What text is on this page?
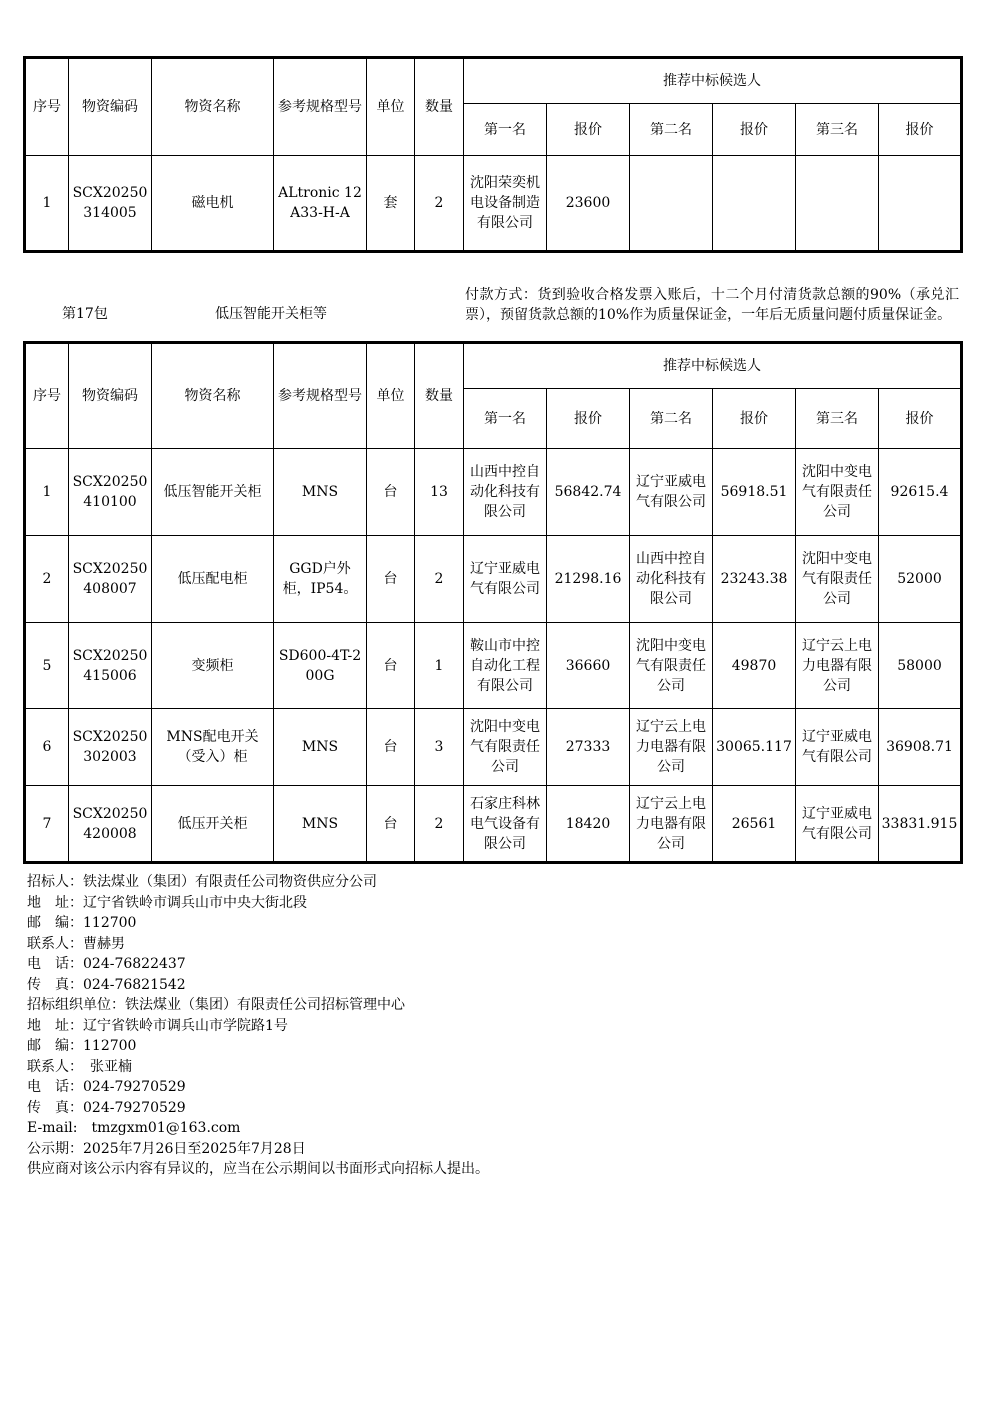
序号	物资编码	物资名称	参考规格型号	单位	数量	推荐中标候选人					
						第一名	报价	第二名	报价	第三名	报价
1	SCX20250314005	磁电机	ALtronic 12A33-H-A	套	2	沈阳荣奕机电设备制造有限公司	23600				
第17包	低压智能开关柜等
付款方式：货到验收合格发票入账后，十二个月付清货款总额的90%（承兑汇票），预留货款总额的10%作为质量保证金，一年后无质量问题付质量保证金。
序号	物资编码	物资名称	参考规格型号	单位	数量	推荐中标候选人					
						第一名	报价	第二名	报价	第三名	报价
1	SCX20250410100	低压智能开关柜	MNS	台	13	山西中控自动化科技有限公司	56842.74	辽宁亚威电气有限公司	56918.51	沈阳中变电气有限责任公司	92615.4
2	SCX20250408007	低压配电柜	GGD户外柜，IP54。	台	2	辽宁亚威电气有限公司	21298.16	山西中控自动化科技有限公司	23243.38	沈阳中变电气有限责任公司	52000
5	SCX20250415006	变频柜	SD600-4T-200G	台	1	鞍山市中控自动化工程有限公司	36660	沈阳中变电气有限责任公司	49870	辽宁云上电力电器有限公司	58000
6	SCX20250302003	MNS配电开关（受入）柜	MNS	台	3	沈阳中变电气有限责任公司	27333	辽宁云上电力电器有限公司	30065.117	辽宁亚威电气有限公司	36908.71
7	SCX20250420008	低压开关柜	MNS	台	2	石家庄科林电气设备有限公司	18420	辽宁云上电力电器有限公司	26561	辽宁亚威电气有限公司	33831.915
招标人：铁法煤业（集团）有限责任公司物资供应分公司
地　址：辽宁省铁岭市调兵山市中央大街北段
邮　编：112700
联系人：曹赫男
电　话：024-76822437
传　真：024-76821542
招标组织单位：铁法煤业（集团）有限责任公司招标管理中心
地　址：辽宁省铁岭市调兵山市学院路1号
邮　编：112700
联系人：　张亚楠
电　话：024-79270529
传　真：024-79270529
E-mail:　tmzgxm01@163.com
公示期：2025年7月26日至2025年7月28日
供应商对该公示内容有异议的，应当在公示期间以书面形式向招标人提出。
